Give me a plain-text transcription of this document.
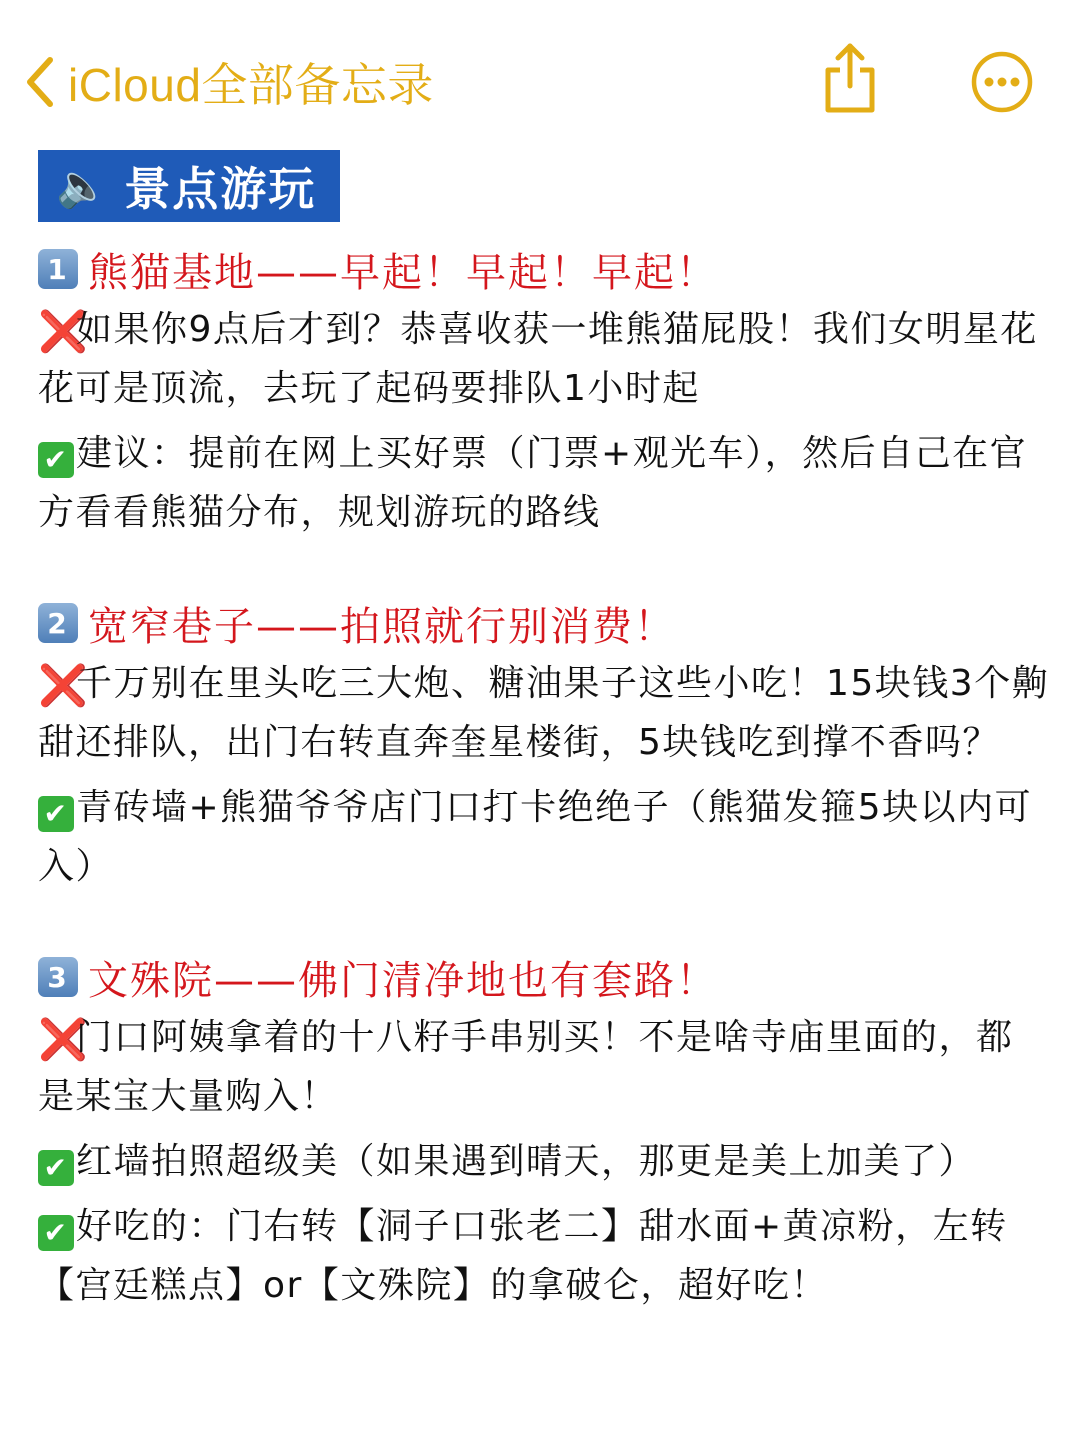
iCloud全部备忘录
🔈 景点游玩
1 熊猫基地——早起！早起！早起！
❌如果你9点后才到？恭喜收获一堆熊猫屁股！我们女明星花花可是顶流，去玩了起码要排队1小时起
✔ 建议：提前在网上买好票（门票+观光车），然后自己在官方看看熊猫分布，规划游玩的路线
2 宽窄巷子——拍照就行别消费！
❌千万别在里头吃三大炮、糖油果子这些小吃！15块钱3个齁甜还排队，出门右转直奔奎星楼街，5块钱吃到撑不香吗？
✔ 青砖墙+熊猫爷爷店门口打卡绝绝子（熊猫发箍5块以内可入）
3 文殊院——佛门清净地也有套路！
❌门口阿姨拿着的十八籽手串别买！不是啥寺庙里面的，都是某宝大量购入！
✔ 红墙拍照超级美（如果遇到晴天，那更是美上加美了）
✔ 好吃的：门右转【洞子口张老二】甜水面+黄凉粉，左转【宫廷糕点】or【文殊院】的拿破仑，超好吃！
